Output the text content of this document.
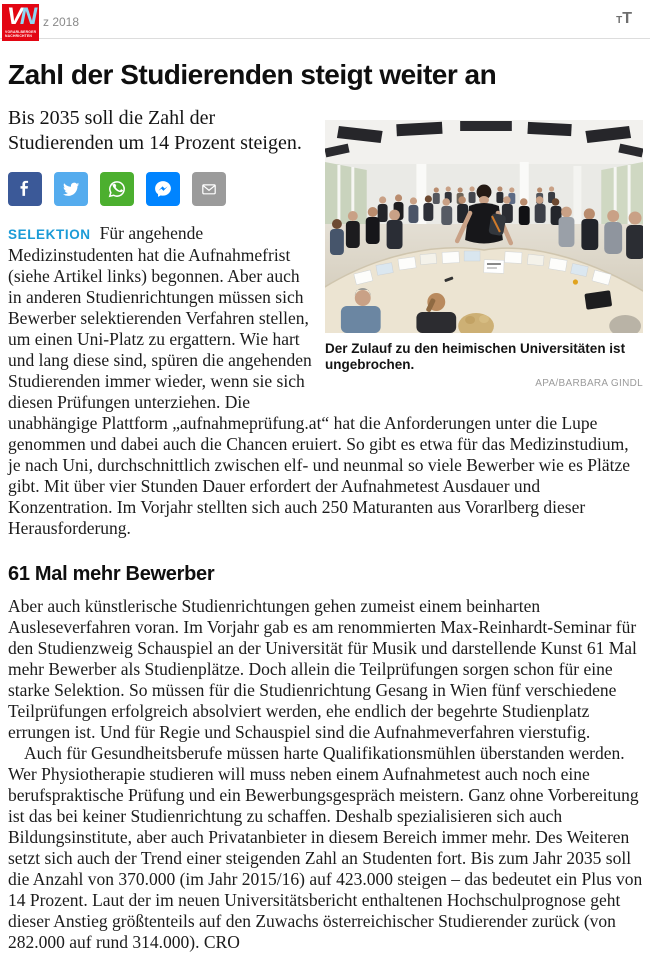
VN
VORARLBERGER NACHRICHTEN
z 2018	TT
Zahl der Studierenden steigt weiter an
Der Zulauf zu den heimischen Universitäten ist ungebrochen.
APA/BARBARA GINDL

Bis 2035 soll die Zahl der Studierenden um 14 Prozent steigen.

SELEKTION Für angehende Medizinstudenten hat die Aufnahmefrist (siehe Artikel links) begonnen. Aber auch in anderen Studienrichtungen müssen sich Bewerber selektierenden Verfahren stellen, um einen Uni-Platz zu ergattern. Wie hart und lang diese sind, spüren die angehenden Studierenden immer wieder, wenn sie sich diesen Prüfungen unterziehen. Die unabhängige Plattform „aufnahmeprüfung.at“ hat die Anforderungen unter die Lupe genommen und dabei auch die Chancen eruiert. So gibt es etwa für das Medizinstudium, je nach Uni, durchschnittlich zwischen elf- und neunmal so viele Bewerber wie es Plätze gibt. Mit über vier Stunden Dauer erfordert der Aufnahmetest Ausdauer und Konzentration. Im Vorjahr stellten sich auch 250 Maturanten aus Vorarlberg dieser Herausforderung.

61 Mal mehr Bewerber

Aber auch künstlerische Studienrichtungen gehen zumeist einem beinharten Ausleseverfahren voran. Im Vorjahr gab es am renommierten Max-Reinhardt-Seminar für den Studienzweig Schauspiel an der Universität für Musik und darstellende Kunst 61 Mal mehr Bewerber als Studienplätze. Doch allein die Teilprüfungen sorgen schon für eine starke Selektion. So müssen für die Studienrichtung Gesang in Wien fünf verschiedene Teilprüfungen erfolgreich absolviert werden, ehe endlich der begehrte Studienplatz errungen ist. Und für Regie und Schauspiel sind die Aufnahmeverfahren vierstufig.

Auch für Gesundheitsberufe müssen harte Qualifikationsmühlen überstanden werden. Wer Physiotherapie studieren will muss neben einem Aufnahmetest auch noch eine berufspraktische Prüfung und ein Bewerbungsgespräch meistern. Ganz ohne Vorbereitung ist das bei keiner Studienrichtung zu schaffen. Deshalb spezialisieren sich auch Bildungsinstitute, aber auch Privatanbieter in diesem Bereich immer mehr. Des Weiteren setzt sich auch der Trend einer steigenden Zahl an Studenten fort. Bis zum Jahr 2035 soll die Anzahl von 370.000 (im Jahr 2015/16) auf 423.000 steigen – das bedeutet ein Plus von 14 Prozent. Laut der im neuen Universitätsbericht enthaltenen Hochschulprognose geht dieser Anstieg größtenteils auf den Zuwachs österreichischer Studierender zurück (von 282.000 auf rund 314.000). CRO
